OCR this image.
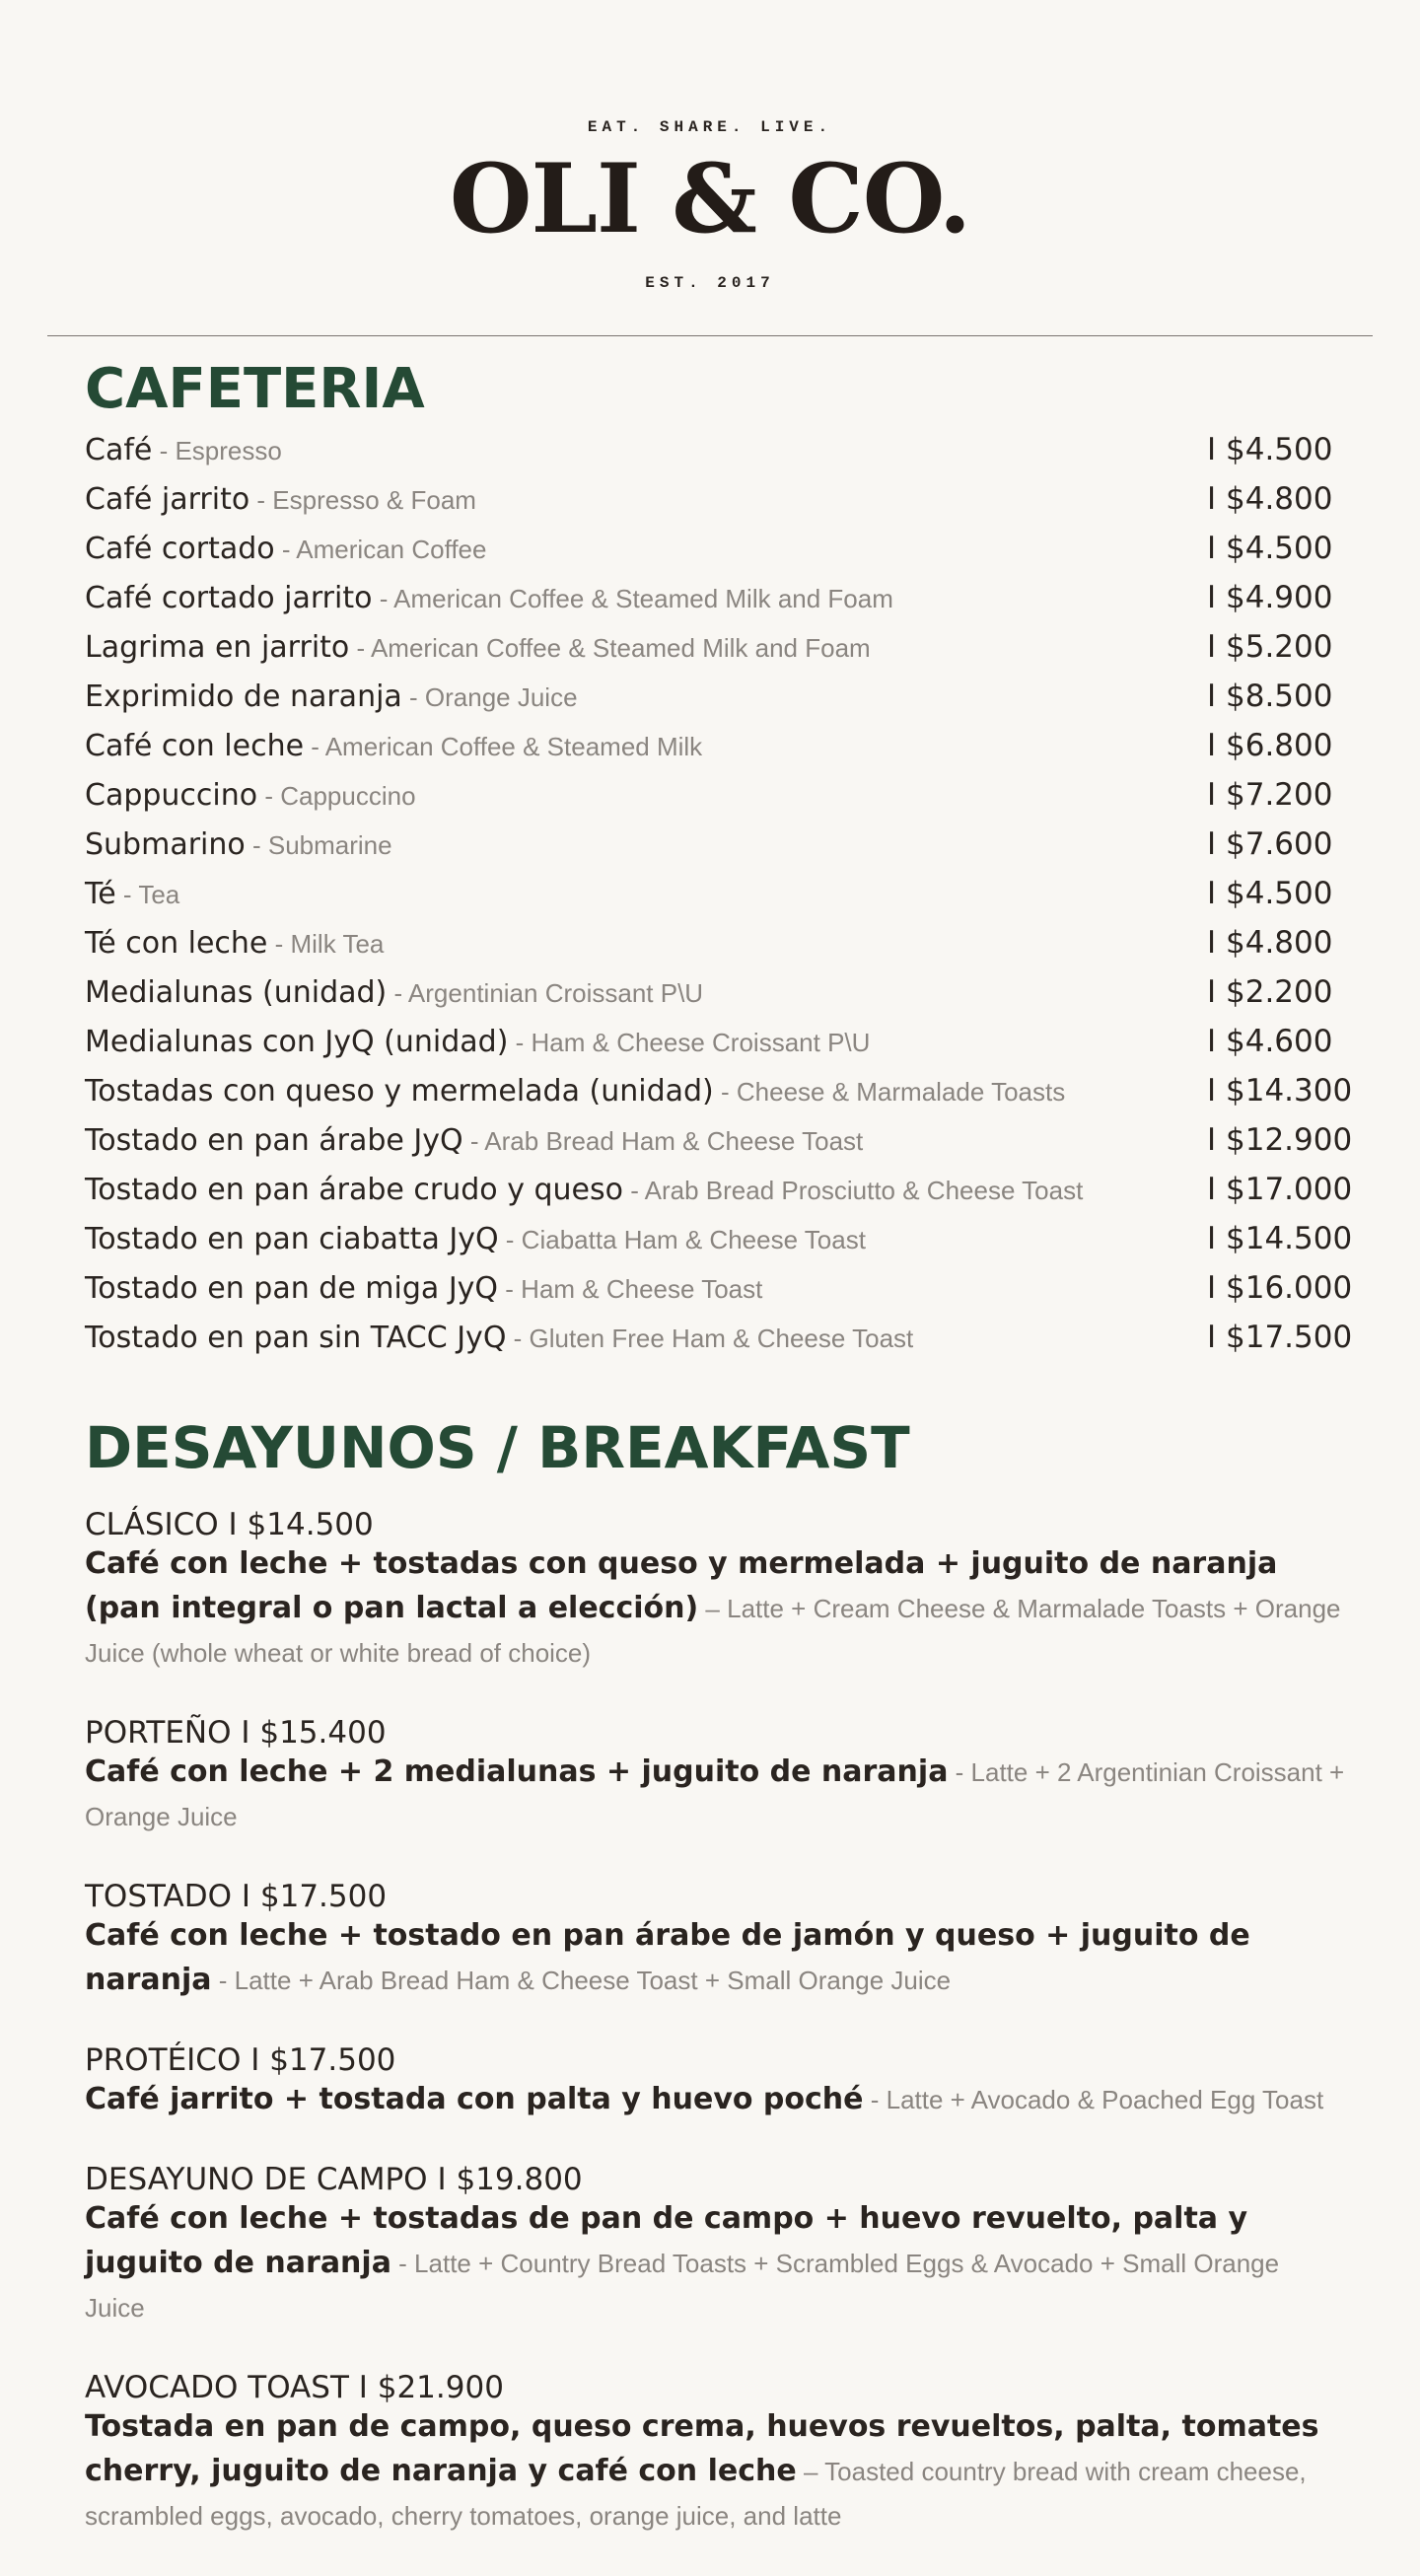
EAT. SHARE. LIVE.
OLI & CO.
EST. 2017
CAFETERIA
Café - Espresso	I $4.500
Café jarrito - Espresso & Foam	I $4.800
Café cortado - American Coffee	I $4.500
Café cortado jarrito - American Coffee & Steamed Milk and Foam	I $4.900
Lagrima en jarrito - American Coffee & Steamed Milk and Foam	I $5.200
Exprimido de naranja - Orange Juice	I $8.500
Café con leche - American Coffee & Steamed Milk	I $6.800
Cappuccino - Cappuccino	I $7.200
Submarino - Submarine	I $7.600
Té - Tea	I $4.500
Té con leche - Milk Tea	I $4.800
Medialunas (unidad) - Argentinian Croissant P\U	I $2.200
Medialunas con JyQ (unidad) - Ham & Cheese Croissant P\U	I $4.600
Tostadas con queso y mermelada (unidad) - Cheese & Marmalade Toasts	I $14.300
Tostado en pan árabe JyQ - Arab Bread Ham & Cheese Toast	I $12.900
Tostado en pan árabe crudo y queso - Arab Bread Prosciutto & Cheese Toast	I $17.000
Tostado en pan ciabatta JyQ - Ciabatta Ham & Cheese Toast	I $14.500
Tostado en pan de miga JyQ - Ham & Cheese Toast	I $16.000
Tostado en pan sin TACC JyQ - Gluten Free Ham & Cheese Toast	I $17.500
DESAYUNOS / BREAKFAST
CLÁSICO I $14.500
Café con leche + tostadas con queso y mermelada + juguito de naranja (pan integral o pan lactal a elección) – Latte + Cream Cheese & Marmalade Toasts + Orange Juice (whole wheat or white bread of choice)
PORTEÑO I $15.400
Café con leche + 2 medialunas + juguito de naranja - Latte + 2 Argentinian Croissant + Orange Juice
TOSTADO I $17.500
Café con leche + tostado en pan árabe de jamón y queso + juguito de naranja - Latte + Arab Bread Ham & Cheese Toast + Small Orange Juice
PROTÉICO I $17.500
Café jarrito + tostada con palta y huevo poché - Latte + Avocado & Poached Egg Toast
DESAYUNO DE CAMPO I $19.800
Café con leche + tostadas de pan de campo + huevo revuelto, palta y juguito de naranja - Latte + Country Bread Toasts + Scrambled Eggs & Avocado + Small Orange Juice
AVOCADO TOAST I $21.900
Tostada en pan de campo, queso crema, huevos revueltos, palta, tomates cherry, juguito de naranja y café con leche – Toasted country bread with cream cheese, scrambled eggs, avocado, cherry tomatoes, orange juice, and latte
